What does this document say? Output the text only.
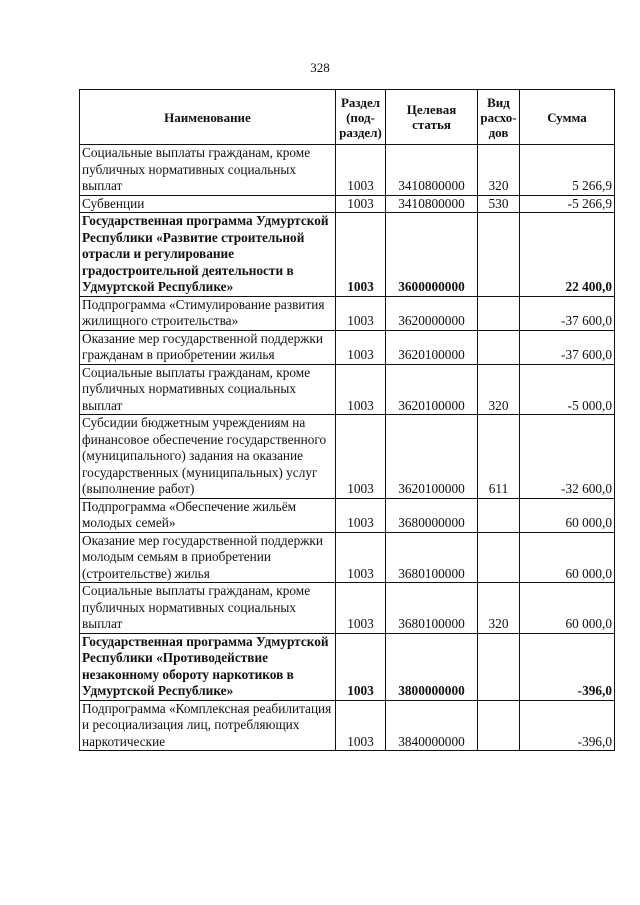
328
Наименование	Раздел (под-раздел)	Целевая статья	Вид расхо-дов	Сумма
Социальные выплаты гражданам, кроме публичных нормативных социальных выплат	1003	3410800000	320	5 266,9
Субвенции	1003	3410800000	530	-5 266,9
Государственная программа Удмуртской Республики «Развитие строительной отрасли и регулирование градостроительной деятельности в Удмуртской Республике»	1003	3600000000		22 400,0
Подпрограмма «Стимулирование развития жилищного строительства»	1003	3620000000		-37 600,0
Оказание мер государственной поддержки гражданам в приобретении жилья	1003	3620100000		-37 600,0
Социальные выплаты гражданам, кроме публичных нормативных социальных выплат	1003	3620100000	320	-5 000,0
Субсидии бюджетным учреждениям на финансовое обеспечение государственного (муниципального) задания на оказание государственных (муниципальных) услуг (выполнение работ)	1003	3620100000	611	-32 600,0
Подпрограмма «Обеспечение жильём молодых семей»	1003	3680000000		60 000,0
Оказание мер государственной поддержки молодым семьям в приобретении (строительстве) жилья	1003	3680100000		60 000,0
Социальные выплаты гражданам, кроме публичных нормативных социальных выплат	1003	3680100000	320	60 000,0
Государственная программа Удмуртской Республики «Противодействие незаконному обороту наркотиков в Удмуртской Республике»	1003	3800000000		-396,0
Подпрограмма «Комплексная реабилитация и ресоциализация лиц, потребляющих наркотические	1003	3840000000		-396,0
